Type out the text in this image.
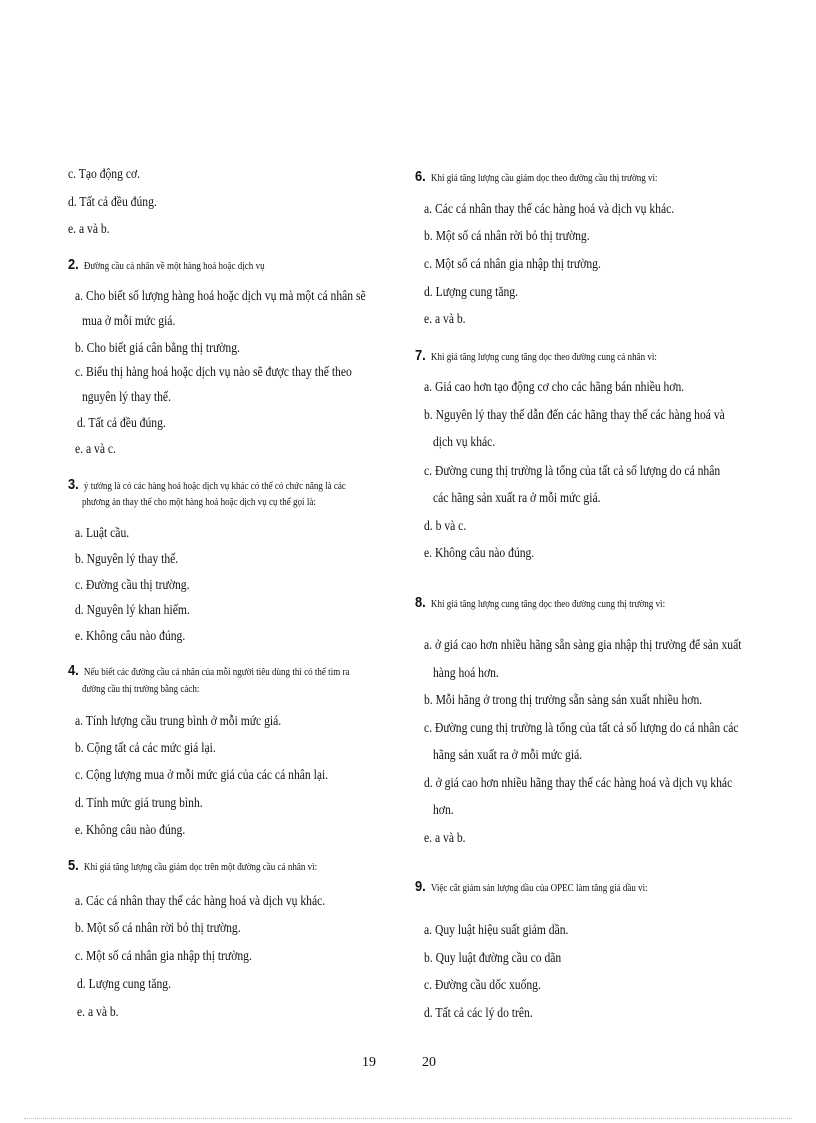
c. Tạo động cơ.
d. Tất cả đều đúng.
e. a và b.
2. Đường cầu cá nhân về một hàng hoá hoặc dịch vụ
a. Cho biết số lượng hàng hoá hoặc dịch vụ mà một cá nhân sẽ
mua ở mỗi mức giá.
b. Cho biết giá cân bằng thị trường.
c. Biểu thị hàng hoá hoặc dịch vụ nào sẽ được thay thế theo
nguyên lý thay thế.
d. Tất cả đều đúng.
e. a và c.
3. ý tưởng là có các hàng hoá hoặc dịch vụ khác có thể có chức năng là các
phương án thay thế cho một hàng hoá hoặc dịch vụ cụ thể gọi là:
a. Luật cầu.
b. Nguyên lý thay thế.
c. Đường cầu thị trường.
d. Nguyên lý khan hiếm.
e. Không câu nào đúng.
4. Nếu biết các đường cầu cá nhân của mỗi người tiêu dùng thì có thể tìm ra
đường cầu thị trường bằng cách:
a. Tính lượng cầu trung bình ở mỗi mức giá.
b. Cộng tất cả các mức giá lại.
c. Cộng lượng mua ở mỗi mức giá của các cá nhân lại.
d. Tính mức giá trung bình.
e. Không câu nào đúng.
5. Khi giá tăng lượng cầu giảm dọc trên một đường cầu cá nhân vì:
a. Các cá nhân thay thế các hàng hoá và dịch vụ khác.
b. Một số cá nhân rời bỏ thị trường.
c. Một số cá nhân gia nhập thị trường.
d. Lượng cung tăng.
e. a và b.
6. Khi giá tăng lượng cầu giảm dọc theo đường cầu thị trường vì:
a. Các cá nhân thay thế các hàng hoá và dịch vụ khác.
b. Một số cá nhân rời bỏ thị trường.
c. Một số cá nhân gia nhập thị trường.
d. Lượng cung tăng.
e. a và b.
7. Khi giá tăng lượng cung tăng dọc theo đường cung cá nhân vì:
a. Giá cao hơn tạo động cơ cho các hãng bán nhiều hơn.
b. Nguyên lý thay thế dẫn đến các hãng thay thế các hàng hoá và
dịch vụ khác.
c. Đường cung thị trường là tổng của tất cả số lượng do cá nhân
các hãng sản xuất ra ở mỗi mức giá.
d. b và c.
e. Không câu nào đúng.
8. Khi giá tăng lượng cung tăng dọc theo đường cung thị trường vì:
a. ở giá cao hơn nhiều hãng sẵn sàng gia nhập thị trường để sản xuất
hàng hoá hơn.
b. Mỗi hãng ở trong thị trường sẵn sàng sản xuất nhiều hơn.
c. Đường cung thị trường là tổng của tất cả số lượng do cá nhân các
hãng sản xuất ra ở mỗi mức giá.
d. ở giá cao hơn nhiều hãng thay thế các hàng hoá và dịch vụ khác
hơn.
e. a và b.
9. Việc cắt giảm sản lượng dầu của OPEC làm tăng giá dầu vì:
a. Quy luật hiệu suất giảm dần.
b. Quy luật đường cầu co dãn
c. Đường cầu dốc xuống.
d. Tất cả các lý do trên.
19	20
